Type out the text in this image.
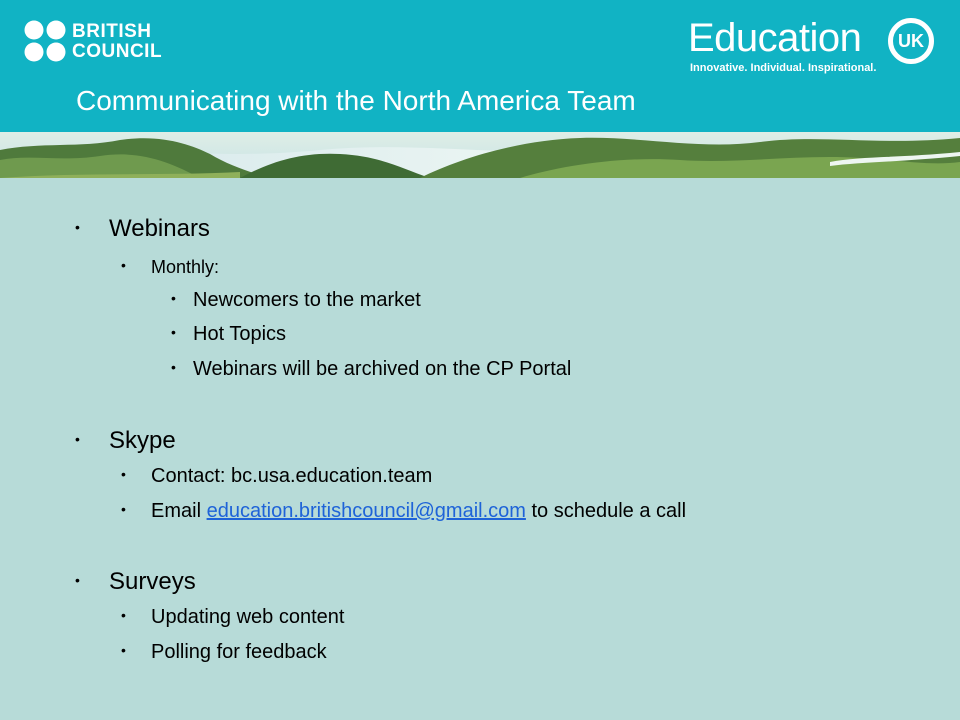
BRITISH
COUNCIL	Education	UK
Innovative. Individual. Inspirational.
Communicating with the North America Team
• Webinars
• Monthly:
• Newcomers to the market
• Hot Topics
• Webinars will be archived on the CP Portal
• Skype
• Contact: bc.usa.education.team
• Email education.britishcouncil@gmail.com to schedule a call
• Surveys
• Updating web content
• Polling for feedback
